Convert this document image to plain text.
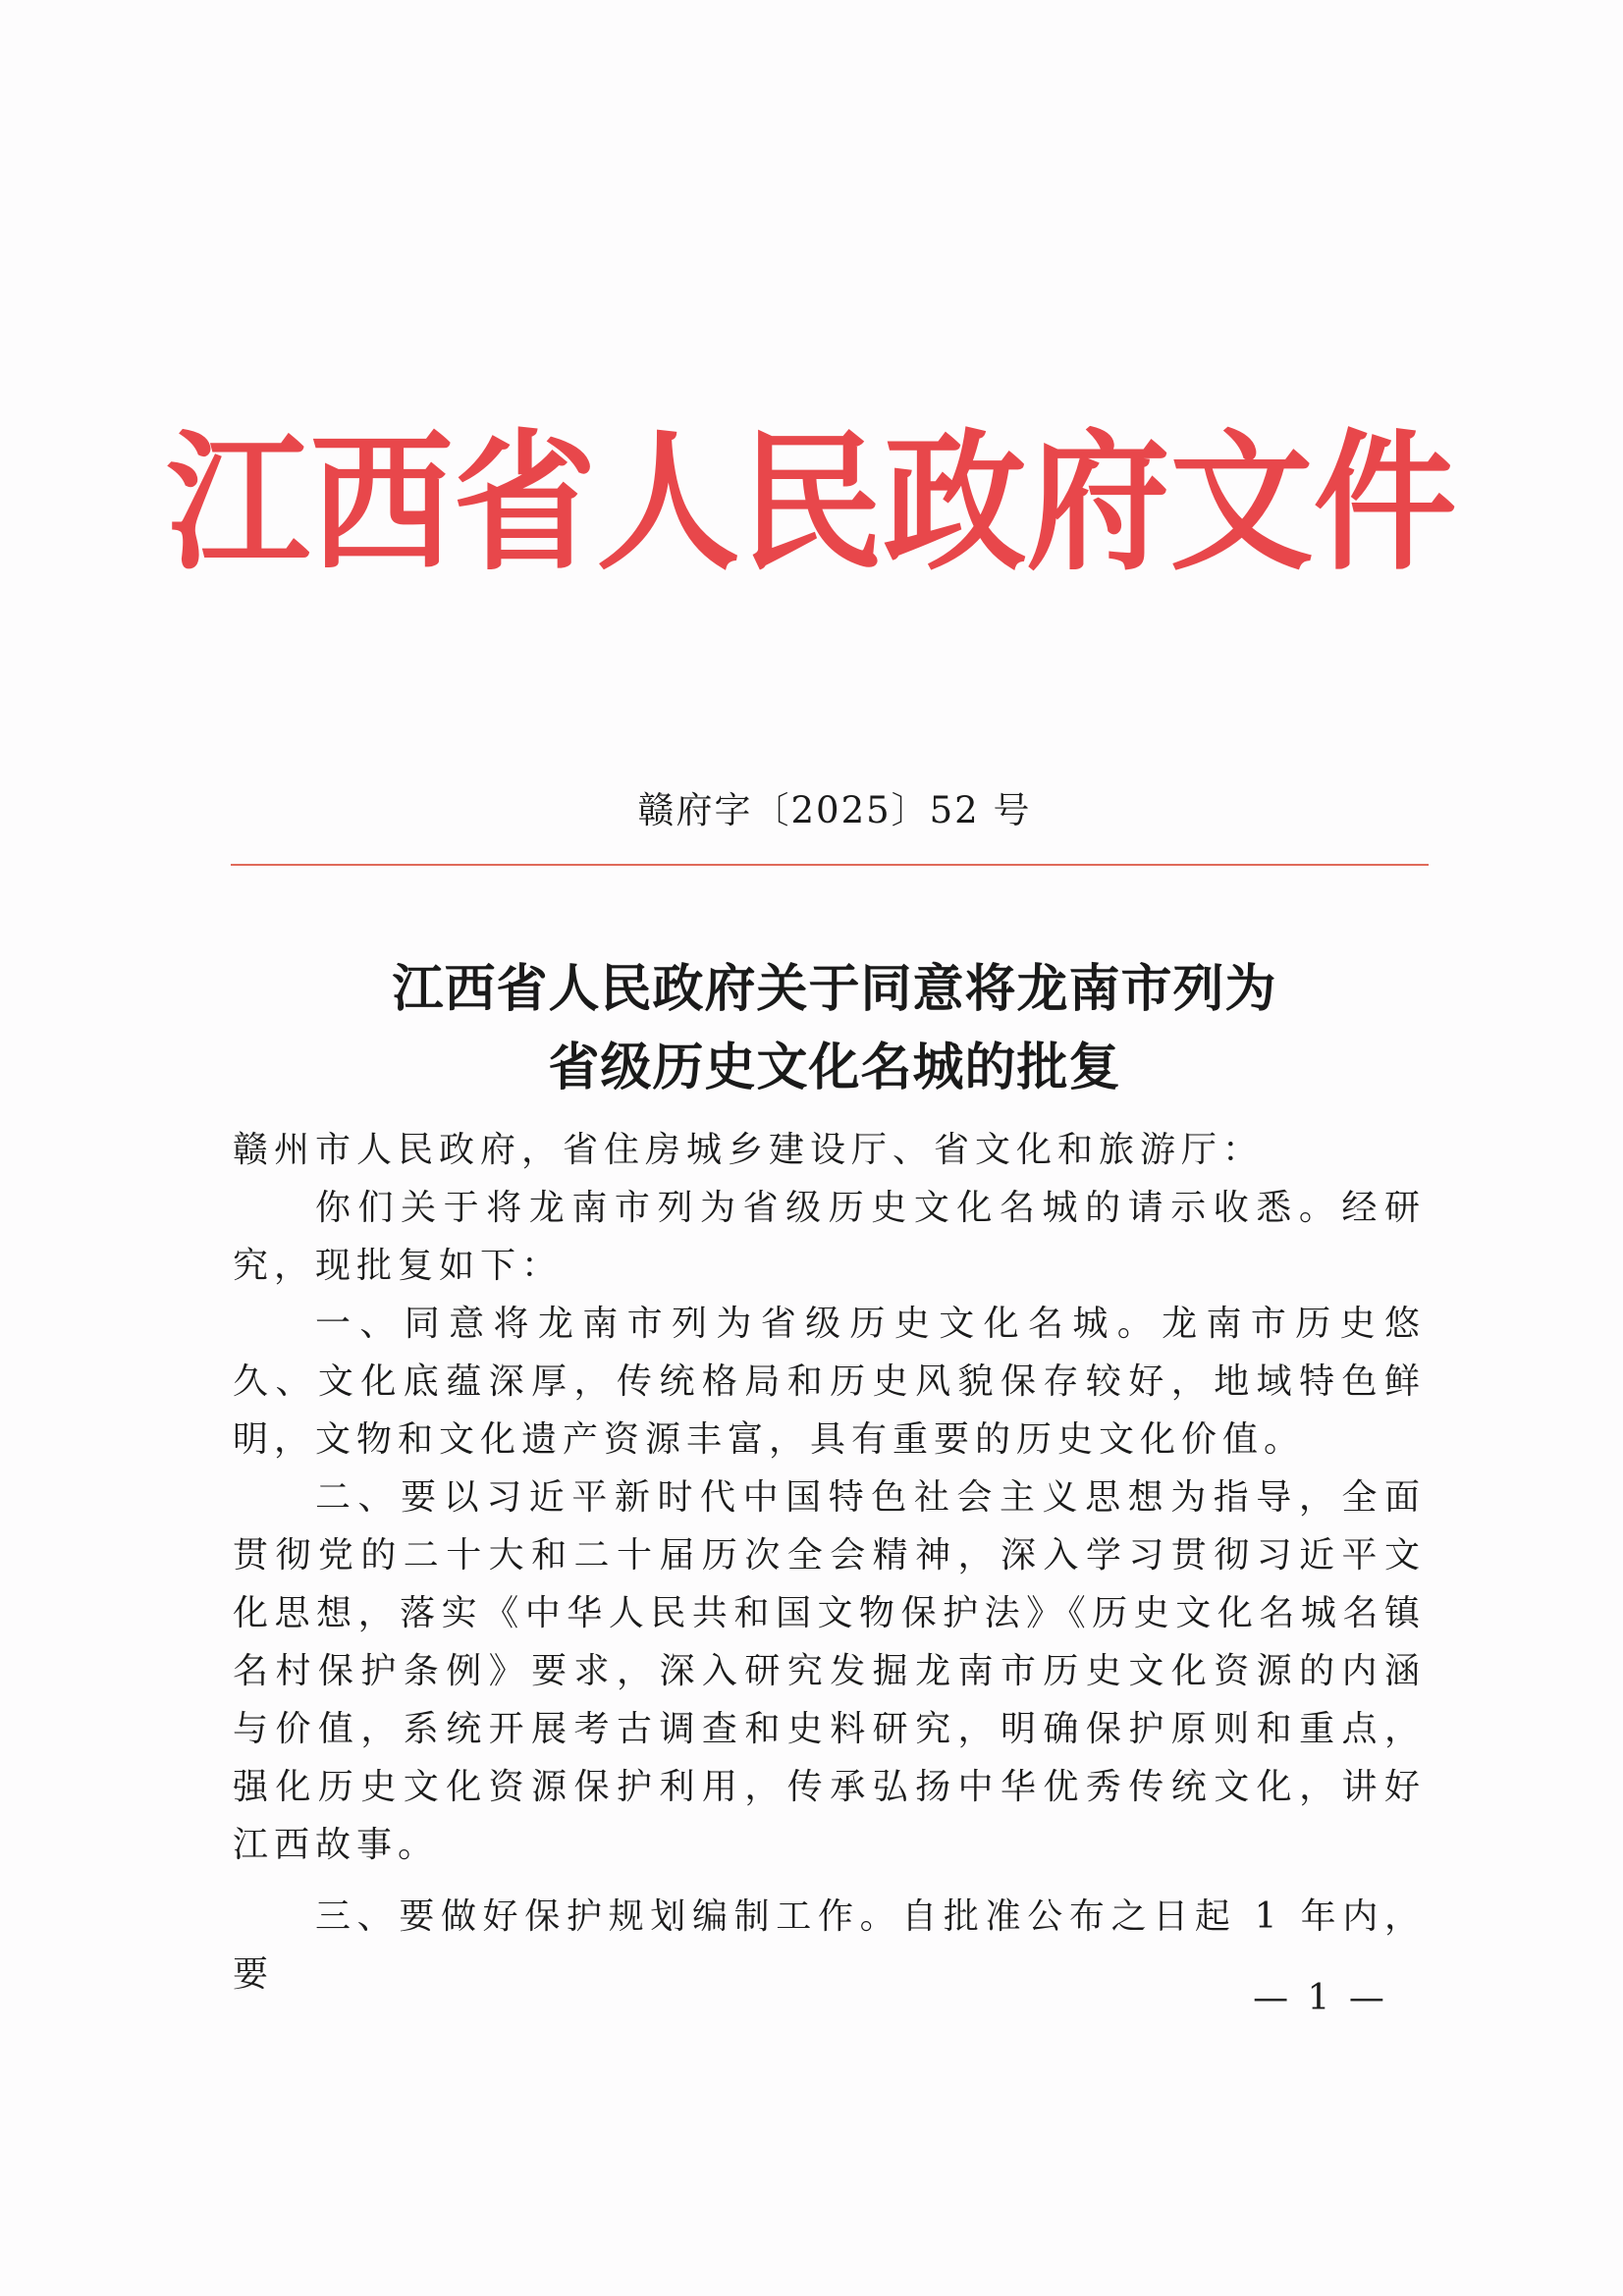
江西省人民政府文件
赣府字〔2025〕52 号
江西省人民政府关于同意将龙南市列为
省级历史文化名城的批复

赣州市人民政府，省住房城乡建设厅、省文化和旅游厅：

你们关于将龙南市列为省级历史文化名城的请示收悉。经研究，现批复如下：

一、同意将龙南市列为省级历史文化名城。龙南市历史悠久、文化底蕴深厚，传统格局和历史风貌保存较好，地域特色鲜明，文物和文化遗产资源丰富，具有重要的历史文化价值。

二、要以习近平新时代中国特色社会主义思想为指导，全面贯彻党的二十大和二十届历次全会精神，深入学习贯彻习近平文化思想，落实《中华人民共和国文物保护法》《历史文化名城名镇名村保护条例》要求，深入研究发掘龙南市历史文化资源的内涵与价值，系统开展考古调查和史料研究，明确保护原则和重点，强化历史文化资源保护利用，传承弘扬中华优秀传统文化，讲好江西故事。

三、要做好保护规划编制工作。自批准公布之日起 1 年内，要

— 1 —
